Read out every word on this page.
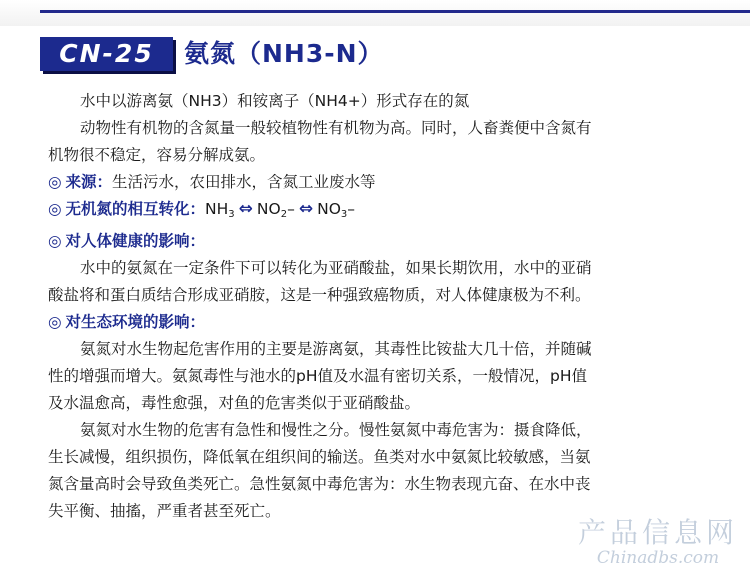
CN-25	氨氮（NH3-N）

水中以游离氨（NH3）和铵离子（NH4+）形式存在的氮

动物性有机物的含氮量一般较植物性有机物为高。同时，人畜粪便中含氮有

机物很不稳定，容易分解成氨。

◎ 来源：生活污水，农田排水，含氮工业废水等
◎ 无机氮的相互转化：$NH_3$ ⇔ $NO_2-$ ⇔ $NO_3-$
◎ 对人体健康的影响：

水中的氨氮在一定条件下可以转化为亚硝酸盐，如果长期饮用，水中的亚硝

酸盐将和蛋白质结合形成亚硝胺，这是一种强致癌物质，对人体健康极为不利。

◎ 对生态环境的影响：

氨氮对水生物起危害作用的主要是游离氨，其毒性比铵盐大几十倍，并随碱

性的增强而增大。氨氮毒性与池水的pH值及水温有密切关系，一般情况，pH值

及水温愈高，毒性愈强，对鱼的危害类似于亚硝酸盐。

氨氮对水生物的危害有急性和慢性之分。慢性氨氮中毒危害为：摄食降低，

生长减慢，组织损伤，降低氧在组织间的输送。鱼类对水中氨氮比较敏感，当氨

氮含量高时会导致鱼类死亡。急性氨氮中毒危害为：水生物表现亢奋、在水中丧

失平衡、抽搐，严重者甚至死亡。

产品信息网
Chinadbs.com
